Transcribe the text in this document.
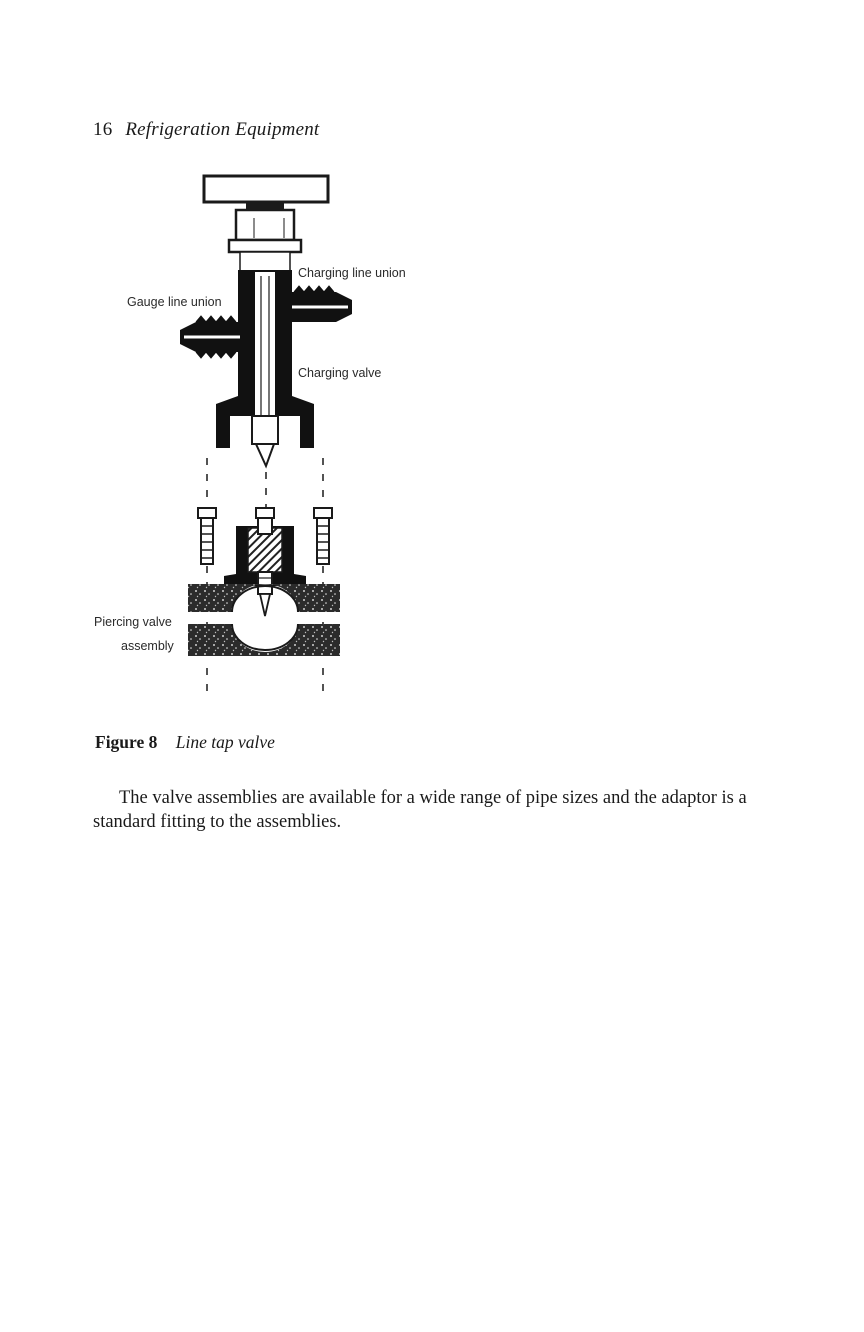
16 Refrigeration Equipment
Charging line union
Gauge line union
Charging valve
Piercing valve
assembly
Figure 8 Line tap valve

The valve assemblies are available for a wide range of pipe sizes and the adaptor is a standard fitting to the assemblies.
